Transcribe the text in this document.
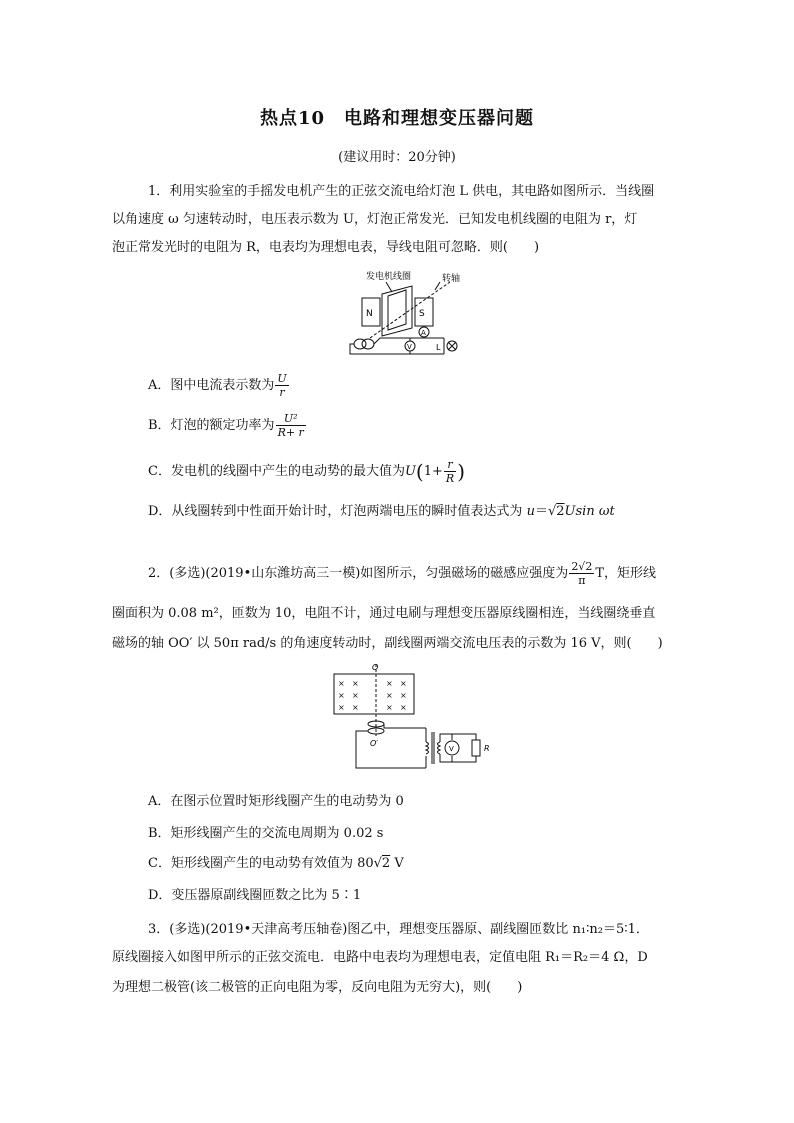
热点10　电路和理想变压器问题
(建议用时：20分钟)
1．利用实验室的手摇发电机产生的正弦交流电给灯泡 L 供电，其电路如图所示．当线圈
以角速度 ω 匀速转动时，电压表示数为 U，灯泡正常发光．已知发电机线圈的电阻为 r，灯
泡正常发光时的电阻为 R，电表均为理想电表，导线电阻可忽略．则(　　)
发电机线圈	转轴
N	S
A
V	L
A．图中电流表示数为 $\frac{U}{r}$
B．灯泡的额定功率为 $\frac{\text{U²}}{R+ r}$
C．发电机的线圈中产生的电动势的最大值为$U(1+ \frac{r}{R}$ )
D．从线圈转到中性面开始计时，灯泡两端电压的瞬时值表达式为 u＝√2Usin ωt
2．(多选)(2019•山东潍坊高三一模)如图所示，匀强磁场的磁感应强度为 $\frac{2√2}{\pi}$ T，矩形线
圈面积为 0.08 m²，匝数为 10，电阻不计，通过电刷与理想变压器原线圈相连，当线圈绕垂直
磁场的轴 OO′ 以 50π rad/s 的角速度转动时，副线圈两端交流电压表的示数为 16 V，则(　　)
× ×	× ×
× ×	× ×
× ×	× ×
O
O′
V	R
A．在图示位置时矩形线圈产生的电动势为 0
B．矩形线圈产生的交流电周期为 0.02 s
C．矩形线圈产生的电动势有效值为 80√2 V
D．变压器原副线圈匝数之比为 5∶1
3．(多选)(2019•天津高考压轴卷)图乙中，理想变压器原、副线圈匝数比 n₁∶n₂＝5∶1．
原线圈接入如图甲所示的正弦交流电．电路中电表均为理想电表，定值电阻 R₁＝R₂＝4 Ω，D
为理想二极管(该二极管的正向电阻为零，反向电阻为无穷大)，则(　　)
